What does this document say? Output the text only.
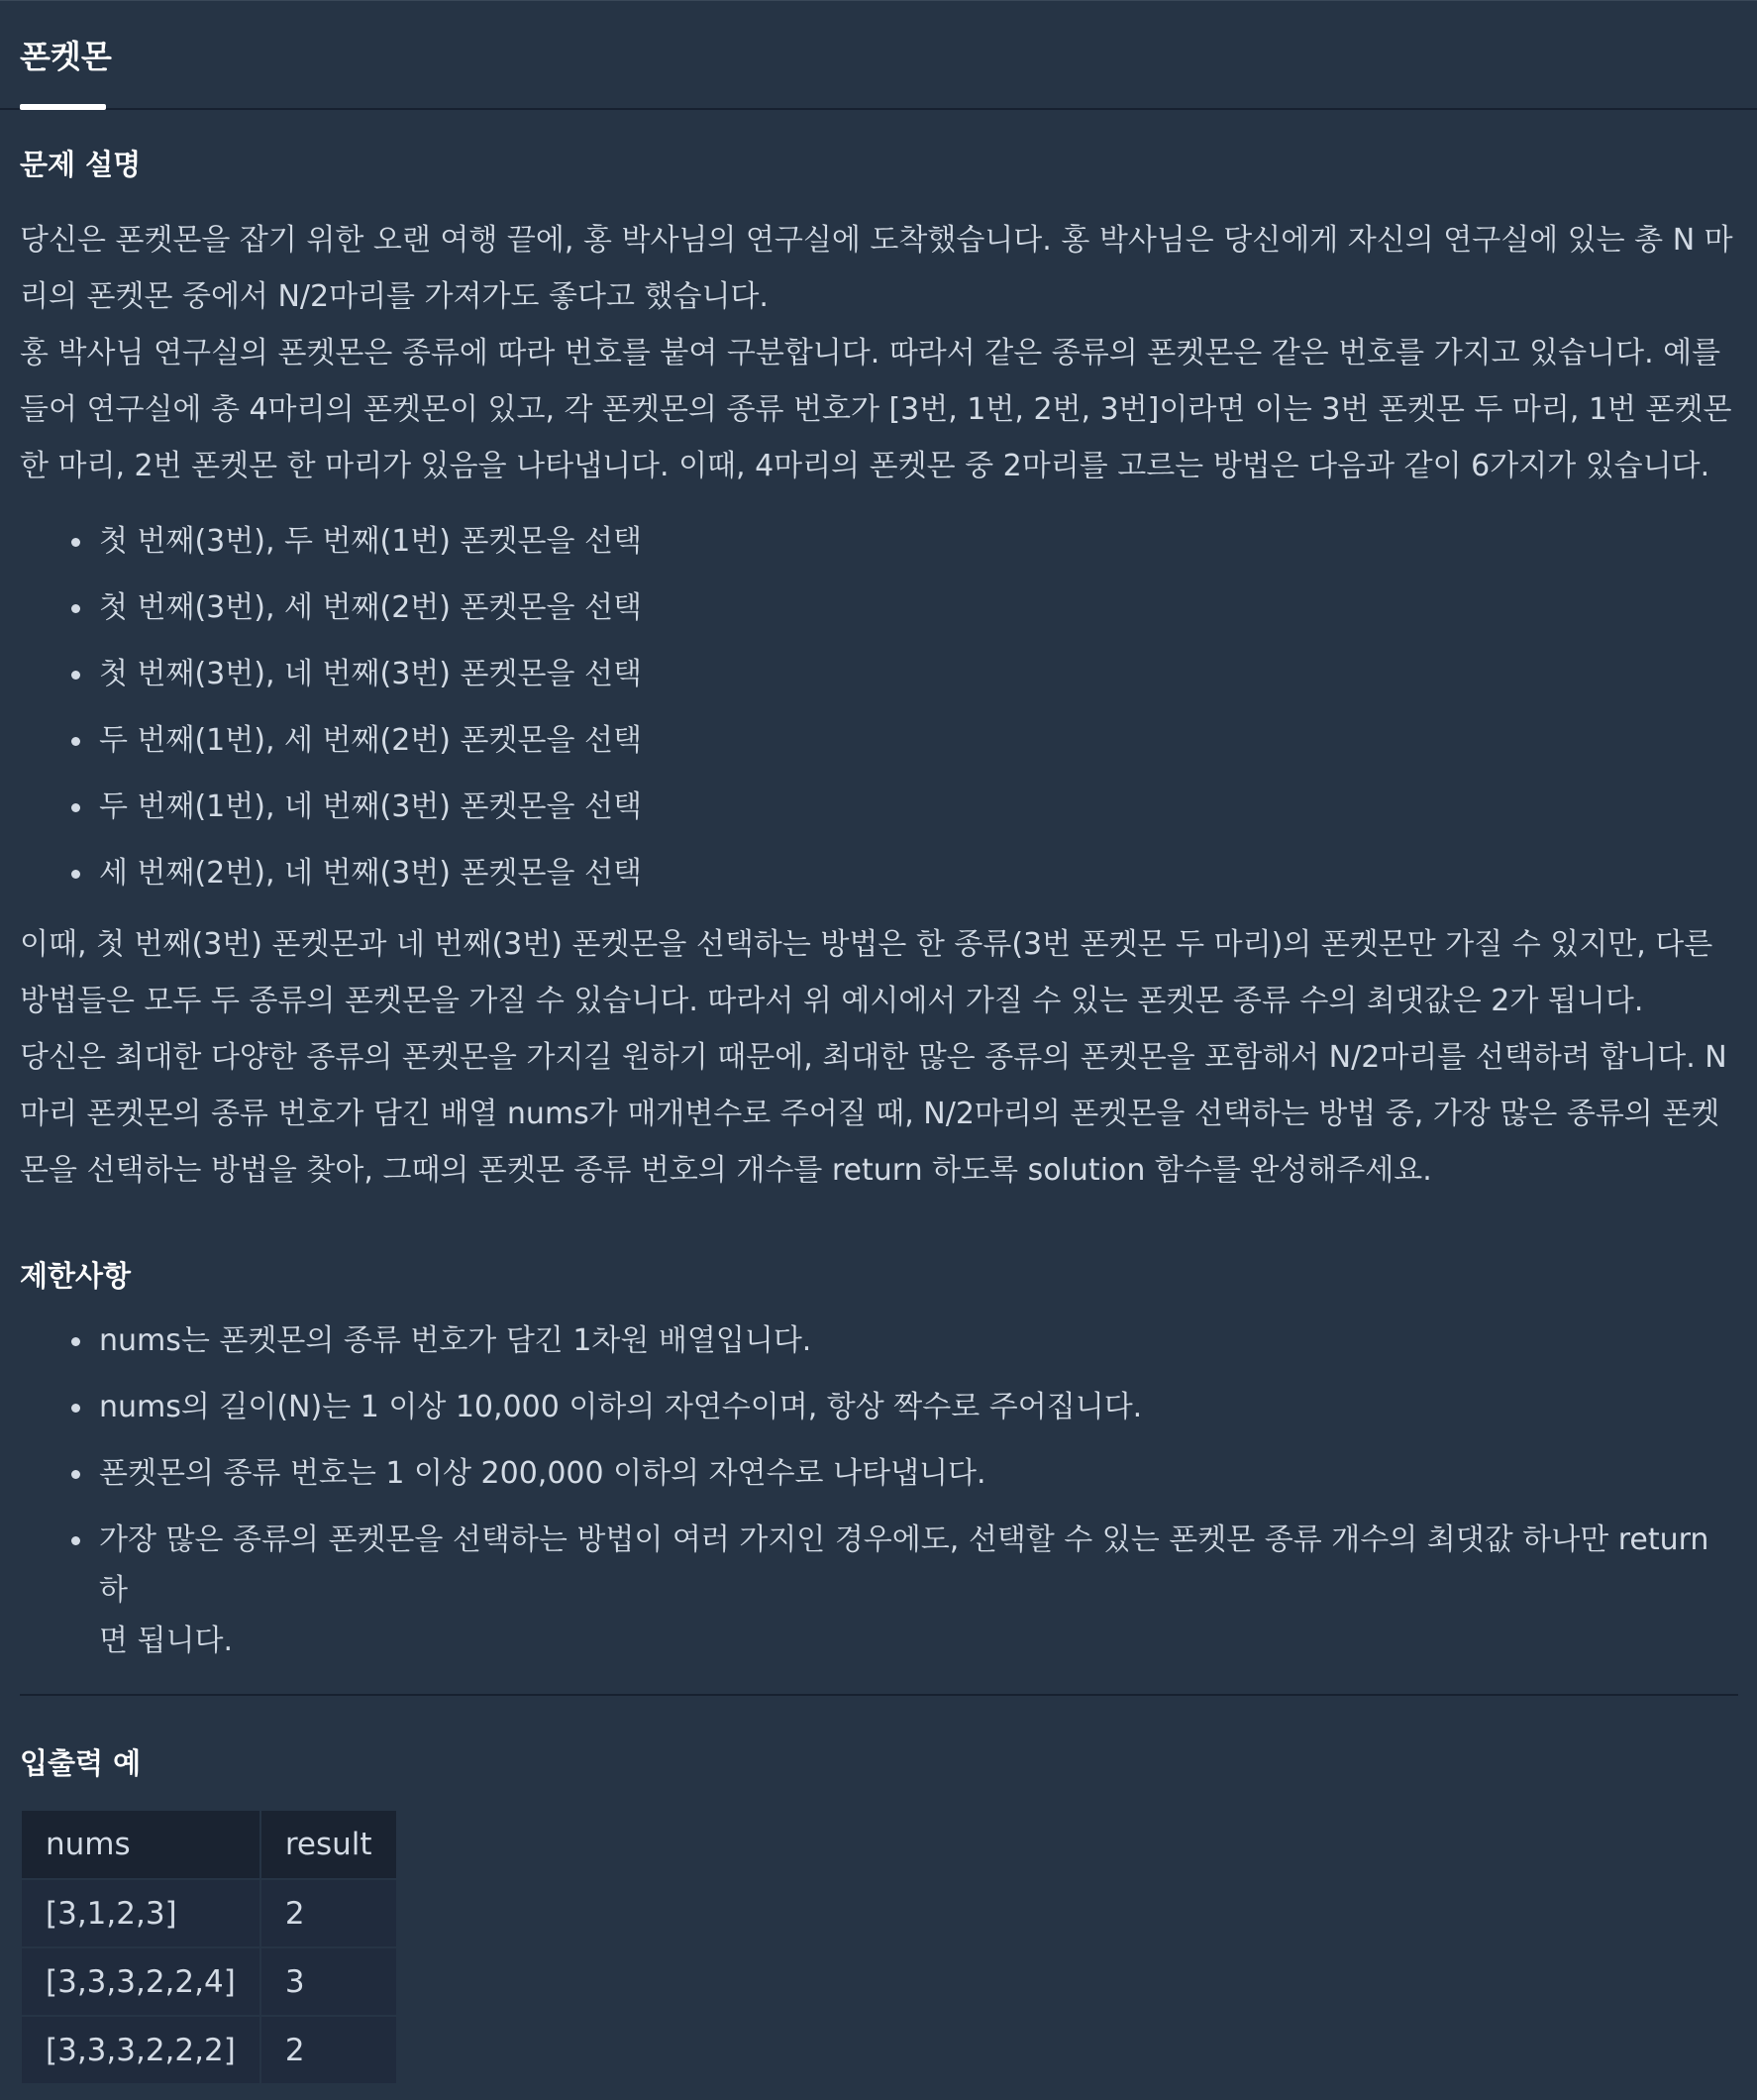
폰켓몬
문제 설명

당신은 폰켓몬을 잡기 위한 오랜 여행 끝에, 홍 박사님의 연구실에 도착했습니다. 홍 박사님은 당신에게 자신의 연구실에 있는 총 N 마
리의 폰켓몬 중에서 N/2마리를 가져가도 좋다고 했습니다.
홍 박사님 연구실의 폰켓몬은 종류에 따라 번호를 붙여 구분합니다. 따라서 같은 종류의 폰켓몬은 같은 번호를 가지고 있습니다. 예를
들어 연구실에 총 4마리의 폰켓몬이 있고, 각 폰켓몬의 종류 번호가 [3번, 1번, 2번, 3번]이라면 이는 3번 폰켓몬 두 마리, 1번 폰켓몬
한 마리, 2번 폰켓몬 한 마리가 있음을 나타냅니다. 이때, 4마리의 폰켓몬 중 2마리를 고르는 방법은 다음과 같이 6가지가 있습니다.

첫 번째(3번), 두 번째(1번) 폰켓몬을 선택
첫 번째(3번), 세 번째(2번) 폰켓몬을 선택
첫 번째(3번), 네 번째(3번) 폰켓몬을 선택
두 번째(1번), 세 번째(2번) 폰켓몬을 선택
두 번째(1번), 네 번째(3번) 폰켓몬을 선택
세 번째(2번), 네 번째(3번) 폰켓몬을 선택

이때, 첫 번째(3번) 폰켓몬과 네 번째(3번) 폰켓몬을 선택하는 방법은 한 종류(3번 폰켓몬 두 마리)의 폰켓몬만 가질 수 있지만, 다른
방법들은 모두 두 종류의 폰켓몬을 가질 수 있습니다. 따라서 위 예시에서 가질 수 있는 폰켓몬 종류 수의 최댓값은 2가 됩니다.
당신은 최대한 다양한 종류의 폰켓몬을 가지길 원하기 때문에, 최대한 많은 종류의 폰켓몬을 포함해서 N/2마리를 선택하려 합니다. N
마리 폰켓몬의 종류 번호가 담긴 배열 nums가 매개변수로 주어질 때, N/2마리의 폰켓몬을 선택하는 방법 중, 가장 많은 종류의 폰켓
몬을 선택하는 방법을 찾아, 그때의 폰켓몬 종류 번호의 개수를 return 하도록 solution 함수를 완성해주세요.

제한사항
nums는 폰켓몬의 종류 번호가 담긴 1차원 배열입니다.
nums의 길이(N)는 1 이상 10,000 이하의 자연수이며, 항상 짝수로 주어집니다.
폰켓몬의 종류 번호는 1 이상 200,000 이하의 자연수로 나타냅니다.
가장 많은 종류의 폰켓몬을 선택하는 방법이 여러 가지인 경우에도, 선택할 수 있는 폰켓몬 종류 개수의 최댓값 하나만 return 하
면 됩니다.
입출력 예
nums	result
[3,1,2,3]	2
[3,3,3,2,2,4]	3
[3,3,3,2,2,2]	2
